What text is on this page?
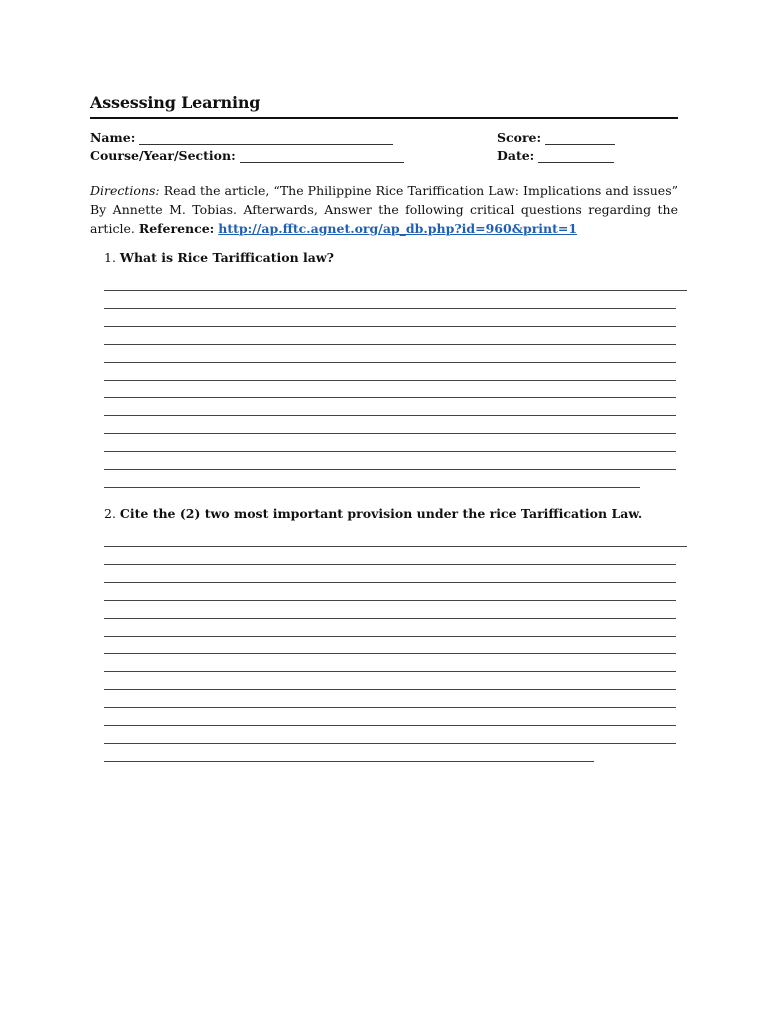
Assessing Learning
Name:
Course/Year/Section:
Score:
Date:
Directions: Read the article, “The Philippine Rice Tariffication Law: Implications and issues” By Annette M. Tobias. Afterwards, Answer the following critical questions regarding the article. Reference: http://ap.fftc.agnet.org/ap_db.php?id=960&print=1
1. What is Rice Tariffication law?
2. Cite the (2) two most important provision under the rice Tariffication Law.
